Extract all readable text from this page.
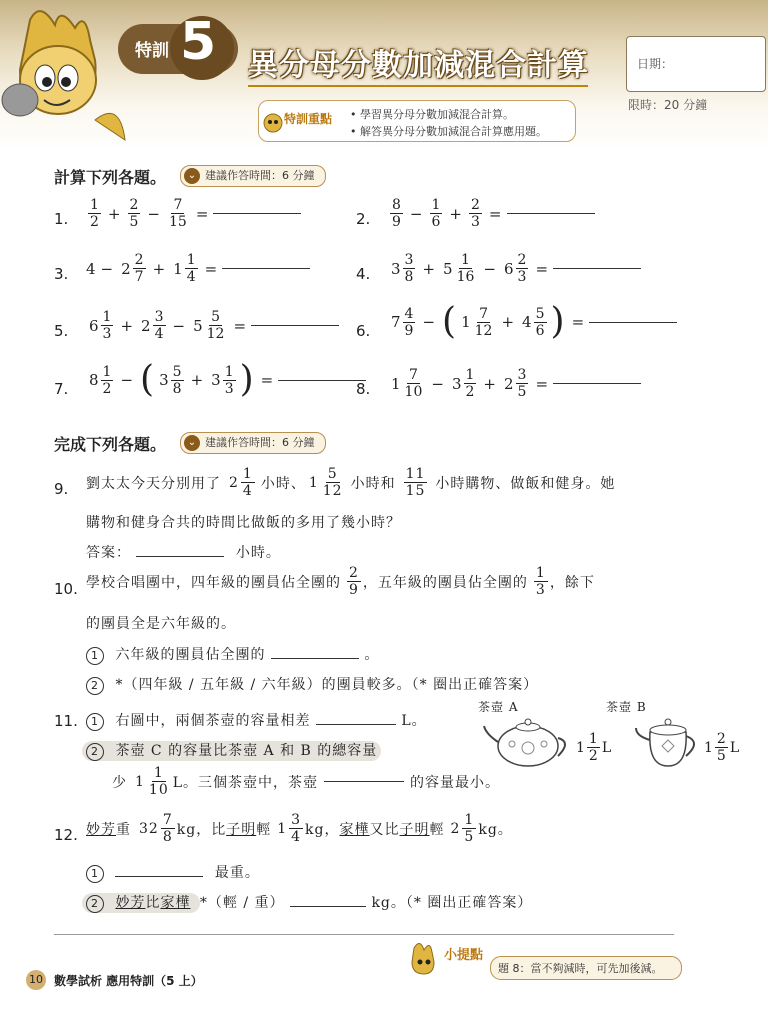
特訓 5 異分母分數加減混合計算	日期：
限時：20 分鐘
特訓重點 • 學習異分母分數加減混合計算。
• 解答異分母分數加減混合計算應用題。
計算下列各題。	⌄ 建議作答時間：6 分鐘
1. $\frac{1}{2} + \frac{2}{5} - \frac{7}{15}$ =	2. $\frac{8}{9} - \frac{1}{6} + \frac{2}{3}$ =
3. $4 - 2 \frac{2}{7} + 1 \frac{1}{4}$ =	4. $3 \frac{3}{8} + 5 \frac{1}{16} - 6 \frac{2}{3}$ =
5. $6 \frac{1}{3} + 2 \frac{3}{4} - 5 \frac{5}{12}$ =	6. $7 \frac{4}{9}$ − ( $1 \frac{7}{12} + 4 \frac{5}{6}$ ) =
7. $8 \frac{1}{2}$ − ( $3 \frac{5}{8} + 3 \frac{1}{3}$ ) =	8. $1 \frac{7}{10} - 3 \frac{1}{2} + 2 \frac{3}{5}$ =
完成下列各題。	⌄ 建議作答時間：6 分鐘
9. 劉太太今天分別用了 $2 \frac{1}{4}$ 小時、 $1 \frac{5}{12}$ 小時和 $\frac{11}{15}$ 小時購物、做飯和健身。她
購物和健身合共的時間比做飯的多用了幾小時？
答案：	小時。
10. 學校合唱團中，四年級的團員佔全團的 $\frac{2}{9}$ ，五年級的團員佔全團的 $\frac{1}{3}$ ，餘下
的團員全是六年級的。
1 六年級的團員佔全團的	。
2 *（四年級 / 五年級 / 六年級）的團員較多。（* 圈出正確答案）
11.	1 右圖中，兩個茶壺的容量相差	L。
2 茶壺 C 的容量比茶壺 A 和 B 的總容量
少 $1 \frac{1}{10}$ L。三個茶壺中，茶壺	的容量最小。
茶壺 A	茶壺 B
$1 \frac{1}{2}$ L	$1 \frac{2}{5}$ L
12. 妙芳 重 $32 \frac{7}{8}$ kg，比 子明 輕 $1 \frac{3}{4}$ kg， 家樺 又比 子明 輕 $2 \frac{1}{5}$ kg。
1	最重。
2 妙芳比家樺 *（輕 / 重）	kg。（* 圈出正確答案）
小提點
題 8：當不夠減時，可先加後減。
10 數學試析 應用特訓（5 上）
